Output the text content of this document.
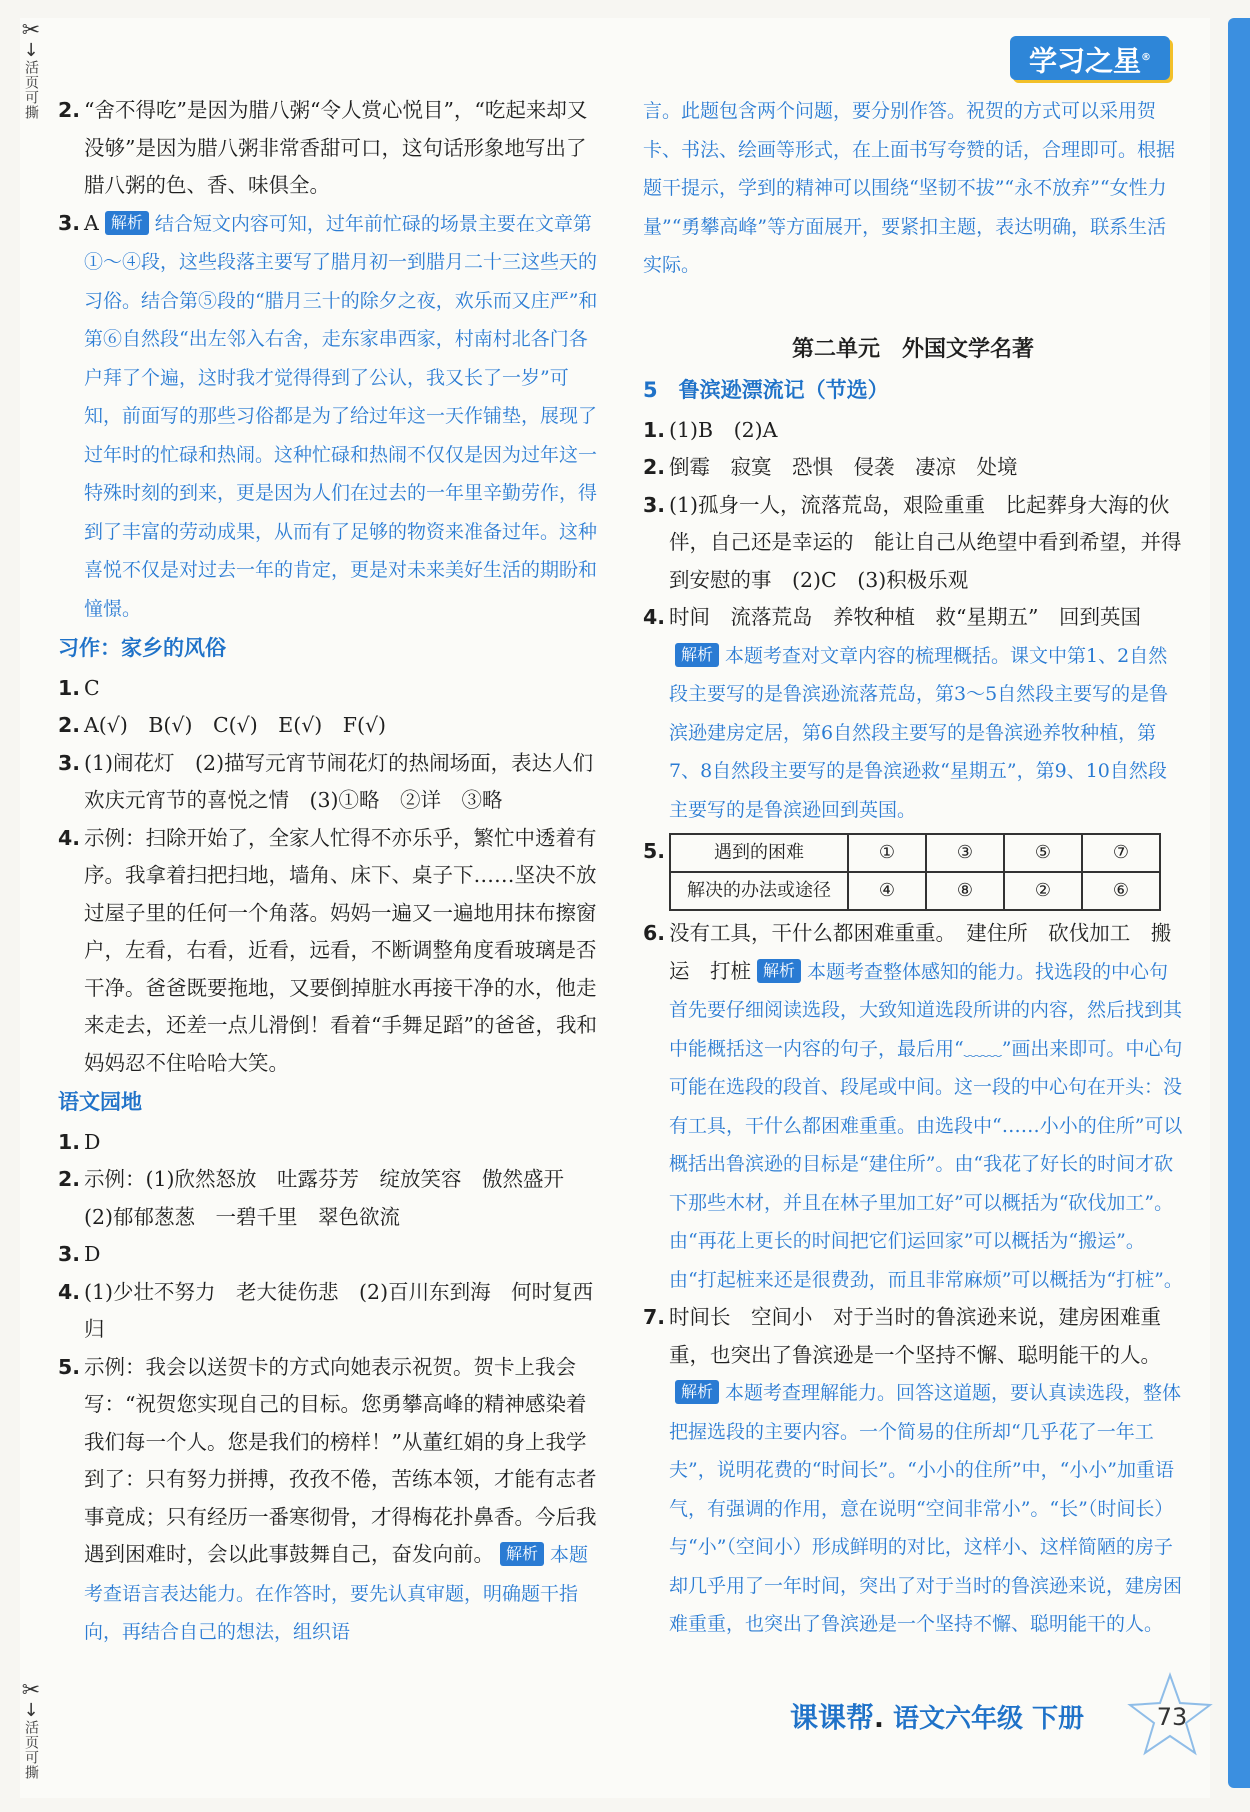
✂
↓
活页可撕
✂
↓
活页可撕
学习之星®

2. “舍不得吃”是因为腊八粥“令人赏心悦目”，“吃起来却又没够”是因为腊八粥非常香甜可口，这句话形象地写出了腊八粥的色、香、味俱全。

3. A 解析 结合短文内容可知，过年前忙碌的场景主要在文章第①～④段，这些段落主要写了腊月初一到腊月二十三这些天的习俗。结合第⑤段的“腊月三十的除夕之夜，欢乐而又庄严”和第⑥自然段“出左邻入右舍，走东家串西家，村南村北各门各户拜了个遍，这时我才觉得得到了公认，我又长了一岁”可知，前面写的那些习俗都是为了给过年这一天作铺垫，展现了过年时的忙碌和热闹。这种忙碌和热闹不仅仅是因为过年这一特殊时刻的到来，更是因为人们在过去的一年里辛勤劳作，得到了丰富的劳动成果，从而有了足够的物资来准备过年。这种喜悦不仅是对过去一年的肯定，更是对未来美好生活的期盼和憧憬。

习作：家乡的风俗

1. C

2. A(√)　B(√)　C(√)　E(√)　F(√)

3. (1)闹花灯　(2)描写元宵节闹花灯的热闹场面，表达人们欢庆元宵节的喜悦之情　(3)①略　②详　③略

4. 示例：扫除开始了，全家人忙得不亦乐乎，繁忙中透着有序。我拿着扫把扫地，墙角、床下、桌子下……坚决不放过屋子里的任何一个角落。妈妈一遍又一遍地用抹布擦窗户，左看，右看，近看，远看，不断调整角度看玻璃是否干净。爸爸既要拖地，又要倒掉脏水再接干净的水，他走来走去，还差一点儿滑倒！看着“手舞足蹈”的爸爸，我和妈妈忍不住哈哈大笑。

语文园地

1. D

2. 示例：(1)欣然怒放　吐露芬芳　绽放笑容　傲然盛开　(2)郁郁葱葱　一碧千里　翠色欲流

3. D

4. (1)少壮不努力　老大徒伤悲　(2)百川东到海　何时复西归

5. 示例：我会以送贺卡的方式向她表示祝贺。贺卡上我会写：“祝贺您实现自己的目标。您勇攀高峰的精神感染着我们每一个人。您是我们的榜样！”从董红娟的身上我学到了：只有努力拼搏，孜孜不倦，苦练本领，才能有志者事竟成；只有经历一番寒彻骨，才得梅花扑鼻香。今后我遇到困难时，会以此事鼓舞自己，奋发向前。 解析 本题考查语言表达能力。在作答时，要先认真审题，明确题干指向，再结合自己的想法，组织语

言。此题包含两个问题，要分别作答。祝贺的方式可以采用贺卡、书法、绘画等形式，在上面书写夸赞的话，合理即可。根据题干提示，学到的精神可以围绕“坚韧不拔”“永不放弃”“女性力量”“勇攀高峰”等方面展开，要紧扣主题，表达明确，联系生活实际。

第二单元　外国文学名著
5　鲁滨逊漂流记（节选）

1. (1)B　(2)A

2. 倒霉　寂寞　恐惧　侵袭　凄凉　处境

3. (1)孤身一人，流落荒岛，艰险重重　比起葬身大海的伙伴，自己还是幸运的　能让自己从绝望中看到希望，并得到安慰的事　(2)C　(3)积极乐观

4. 时间　流落荒岛　养牧种植　救“星期五”　回到英国解析 本题考查对文章内容的梳理概括。课文中第1、2自然段主要写的是鲁滨逊流落荒岛，第3～5自然段主要写的是鲁滨逊建房定居，第6自然段主要写的是鲁滨逊养牧种植，第7、8自然段主要写的是鲁滨逊救“星期五”，第9、10自然段主要写的是鲁滨逊回到英国。

5.	遇到的困难	①	③	⑤	⑦
解决的办法或途径	④	⑧	②	⑥

6. 没有工具，干什么都困难重重。　建住所　砍伐加工　搬运　打桩 解析 本题考查整体感知的能力。找选段的中心句首先要仔细阅读选段，大致知道选段所讲的内容，然后找到其中能概括这一内容的句子，最后用“﹏﹏”画出来即可。中心句可能在选段的段首、段尾或中间。这一段的中心句在开头：没有工具，干什么都困难重重。由选段中“……小小的住所”可以概括出鲁滨逊的目标是“建住所”。由“我花了好长的时间才砍下那些木材，并且在林子里加工好”可以概括为“砍伐加工”。由“再花上更长的时间把它们运回家”可以概括为“搬运”。由“打起桩来还是很费劲，而且非常麻烦”可以概括为“打桩”。

7. 时间长　空间小　对于当时的鲁滨逊来说，建房困难重重，也突出了鲁滨逊是一个坚持不懈、聪明能干的人。解析 本题考查理解能力。回答这道题，要认真读选段，整体把握选段的主要内容。一个简易的住所却“几乎花了一年工夫”，说明花费的“时间长”。“小小的住所”中，“小小”加重语气，有强调的作用，意在说明“空间非常小”。“长”（时间长）与“小”（空间小）形成鲜明的对比，这样小、这样简陋的房子却几乎用了一年时间，突出了对于当时的鲁滨逊来说，建房困难重重，也突出了鲁滨逊是一个坚持不懈、聪明能干的人。

课课帮. 语文六年级 下册	73
